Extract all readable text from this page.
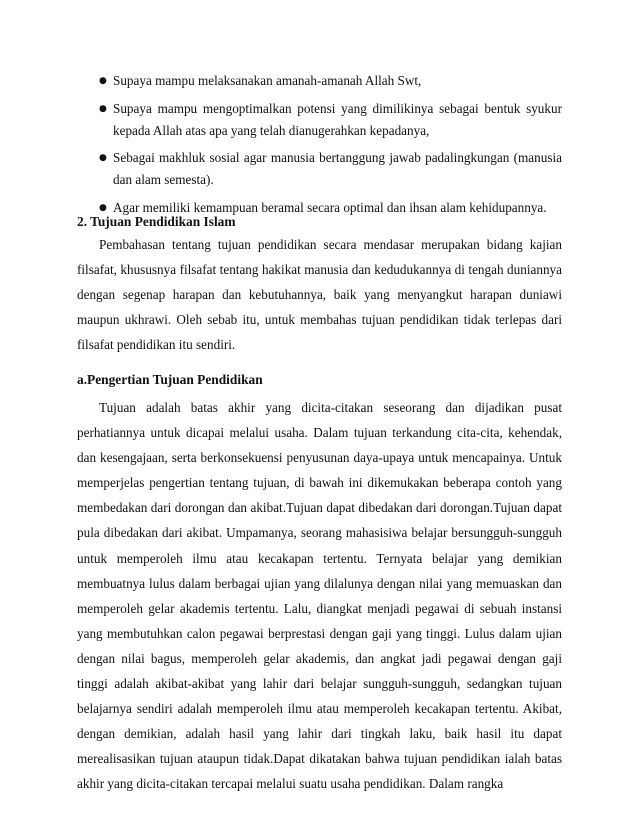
● Supaya mampu melaksanakan amanah-amanah Allah Swt,
● Supaya mampu mengoptimalkan potensi yang dimilikinya sebagai bentuk syukur kepada Allah atas apa yang telah dianugerahkan kepadanya,
● Sebagai makhluk sosial agar manusia bertanggung jawab padalingkungan (manusia dan alam semesta).
● Agar memiliki kemampuan beramal secara optimal dan ihsan alam kehidupannya.
2. Tujuan Pendidikan Islam

Pembahasan tentang tujuan pendidikan secara mendasar merupakan bidang kajian filsafat, khususnya filsafat tentang hakikat manusia dan kedudukannya di tengah duniannya dengan segenap harapan dan kebutuhannya, baik yang menyangkut harapan duniawi maupun ukhrawi. Oleh sebab itu, untuk membahas tujuan pendidikan tidak terlepas dari filsafat pendidikan itu sendiri.

a.Pengertian Tujuan Pendidikan

Tujuan adalah batas akhir yang dicita-citakan seseorang dan dijadikan pusat perhatiannya untuk dicapai melalui usaha. Dalam tujuan terkandung cita-cita, kehendak, dan kesengajaan, serta berkonsekuensi penyusunan daya-upaya untuk mencapainya. Untuk memperjelas pengertian tentang tujuan, di bawah ini dikemukakan beberapa contoh yang membedakan dari dorongan dan akibat.Tujuan dapat dibedakan dari dorongan.Tujuan dapat pula dibedakan dari akibat. Umpamanya, seorang mahasisiwa belajar bersungguh-sungguh untuk memperoleh ilmu atau kecakapan tertentu. Ternyata belajar yang demikian membuatnya lulus dalam berbagai ujian yang dilalunya dengan nilai yang memuaskan dan memperoleh gelar akademis tertentu. Lalu, diangkat menjadi pegawai di sebuah instansi yang membutuhkan calon pegawai berprestasi dengan gaji yang tinggi. Lulus dalam ujian dengan nilai bagus, memperoleh gelar akademis, dan angkat jadi pegawai dengan gaji tinggi adalah akibat-akibat yang lahir dari belajar sungguh-sungguh, sedangkan tujuan belajarnya sendiri adalah memperoleh ilmu atau memperoleh kecakapan tertentu. Akibat, dengan demikian, adalah hasil yang lahir dari tingkah laku, baik hasil itu dapat merealisasikan tujuan ataupun tidak.Dapat dikatakan bahwa tujuan pendidikan ialah batas akhir yang dicita-citakan tercapai melalui suatu usaha pendidikan. Dalam rangka
